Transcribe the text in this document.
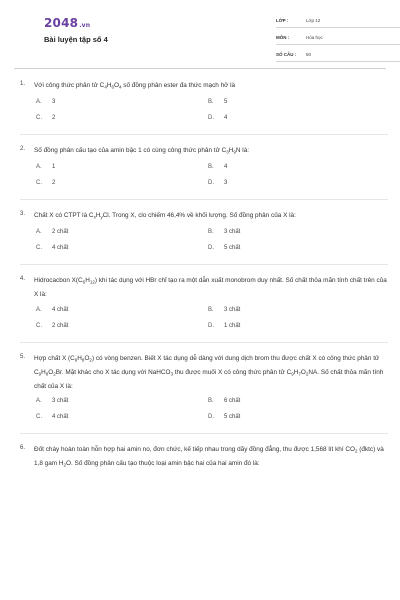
2048.vn
Bài luyện tập số 4
LỚP :	Lớp 12
MÔN :	Hóa học
SỐ CÂU :	50
1.	Với công thức phân tử $C_4H_6O_4$ số đồng phân ester đa thức mạch hở là
A.	3	B.	5
C.	2	D.	4
2.	Số đồng phân cấu tạo của amin bậc 1 có cùng công thức phân tử $C_3H_9N$ là:
A.	1	B.	4
C.	2	D.	3
3.	Chất X có CTPT là $C_xH_yCl$. Trong X, clo chiếm 46,4% về khối lượng. Số đồng phân của X là:
A.	2 chất	B.	3 chất
C.	4 chất	D.	5 chất
4.	Hidrocacbon $X(C_6H_{12})$ khi tác dụng với HBr chỉ tạo ra một dẫn xuất monobrom duy nhất. Số chất thỏa mãn tính chất trên của X là:
A.	4 chất	B.	3 chất
C.	2 chất	D.	1 chất
5.	Hợp chất X $(C_9H_8O_2)$ có vòng benzen. Biết X tác dụng dễ dàng với dung dịch brom thu được chất X có công thức phân tử $C_9H_8O_2Br$. Mặt khác cho X tác dụng với NaHCO$_3$ thu được muối X có công thức phân tử $C_9H_7O_2NA$. Số chất thỏa mãn tính chất của X là:
A.	3 chất	B.	6 chất
C.	4 chất	D.	5 chất
6.	Đốt cháy hoàn toàn hỗn hợp hai amin no, đơn chức, kế tiếp nhau trong dãy đồng đẳng, thu được 1,568 lít khí $CO_2$ (đktc) và 1,8 gam $H_2O$. Số đồng phân cấu tạo thuộc loại amin bậc hai của hai amin đó là:
